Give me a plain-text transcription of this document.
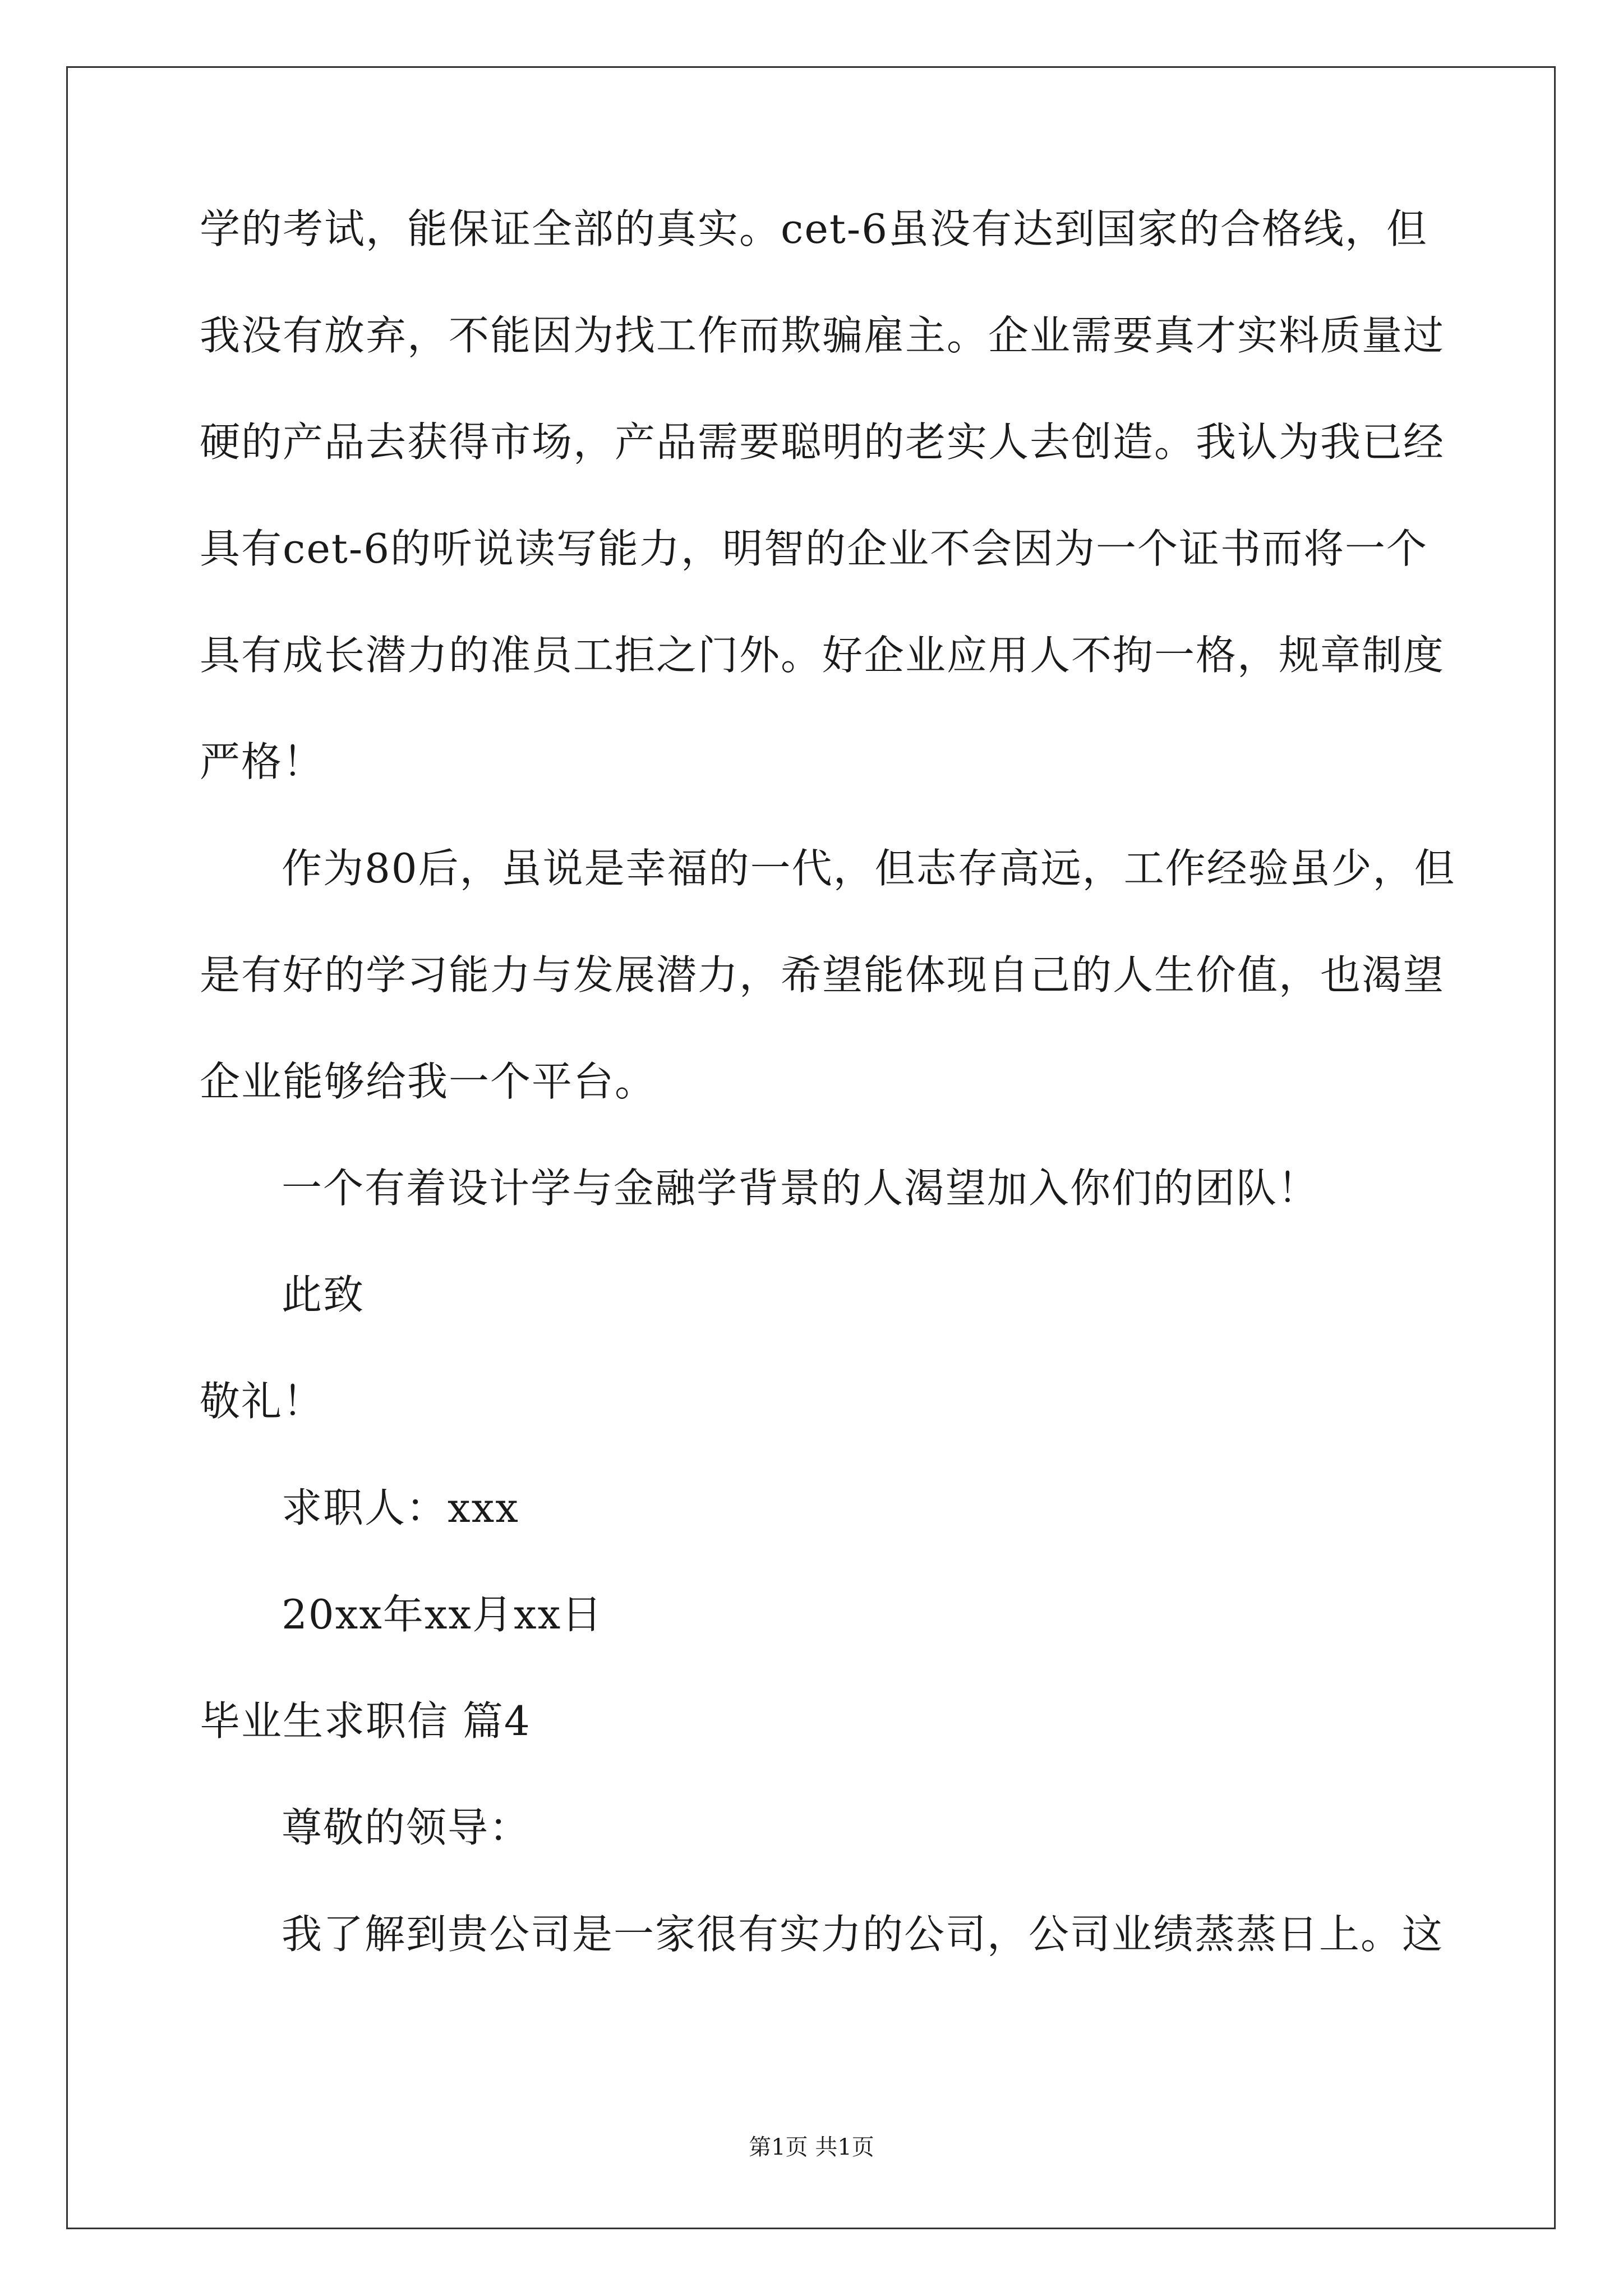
学的考试，能保证全部的真实。cet-6虽没有达到国家的合格线，但
我没有放弃，不能因为找工作而欺骗雇主。企业需要真才实料质量过
硬的产品去获得市场，产品需要聪明的老实人去创造。我认为我已经
具有cet-6的听说读写能力，明智的企业不会因为一个证书而将一个
具有成长潜力的准员工拒之门外。好企业应用人不拘一格，规章制度
严格！
作为80后，虽说是幸福的一代，但志存高远，工作经验虽少，但
是有好的学习能力与发展潜力，希望能体现自己的人生价值，也渴望
企业能够给我一个平台。
一个有着设计学与金融学背景的人渴望加入你们的团队！
此致
敬礼！
求职人：xxx
20xx年xx月xx日
毕业生求职信 篇4
尊敬的领导：
我了解到贵公司是一家很有实力的公司，公司业绩蒸蒸日上。这
第1页 共1页
